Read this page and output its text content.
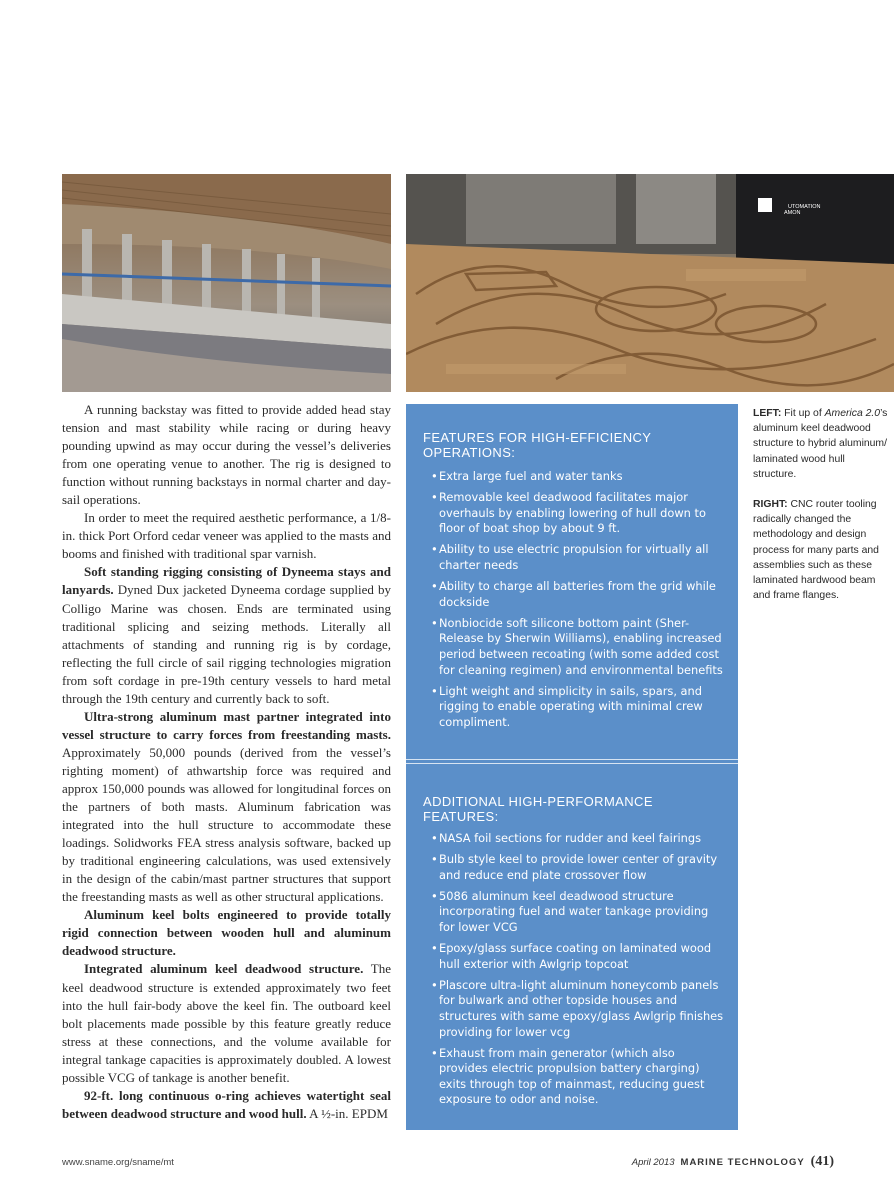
UTOMATION
AMON

A running backstay was fitted to provide added head stay tension and mast stability while racing or during heavy pounding upwind as may occur during the vessel’s deliveries from one operating venue to another. The rig is designed to function without running backstays in normal charter and day-sail operations.

In order to meet the required aesthetic performance, a 1/8-in. thick Port Orford cedar veneer was applied to the masts and booms and finished with traditional spar varnish.

Soft standing rigging consisting of Dyneema stays and lanyards. Dyned Dux jacketed Dyneema cordage supplied by Colligo Marine was chosen. Ends are terminated using traditional splicing and seizing methods. Literally all attachments of standing and running rig is by cordage, reflecting the full circle of sail rigging technologies migration from soft cordage in pre-19th century vessels to hard metal through the 19th century and currently back to soft.

Ultra-strong aluminum mast partner integrated into vessel structure to carry forces from freestanding masts. Approximately 50,000 pounds (derived from the vessel’s righting moment) of athwartship force was required and approx 150,000 pounds was allowed for longitudinal forces on the partners of both masts. Aluminum fabrication was integrated into the hull structure to accommodate these loadings. Solidworks FEA stress analysis software, backed up by traditional engineering calculations, was used extensively in the design of the cabin/mast partner structures that support the freestanding masts as well as other structural applications.

Aluminum keel bolts engineered to provide totally rigid connection between wooden hull and aluminum deadwood structure.

Integrated aluminum keel deadwood structure. The keel deadwood structure is extended approximately two feet into the hull fair-body above the keel fin. The outboard keel bolt placements made possible by this feature greatly reduce stress at these connections, and the volume available for integral tankage capacities is approximately doubled. A lowest possible VCG of tankage is another benefit.

92-ft. long continuous o-ring achieves watertight seal between deadwood structure and wood hull. A ½-in. EPDM

FEATURES FOR HIGH-EFFICIENCY OPERATIONS:
• Extra large fuel and water tanks
• Removable keel deadwood facilitates major overhauls by enabling lowering of hull down to floor of boat shop by about 9 ft.
• Ability to use electric propulsion for virtually all charter needs
• Ability to charge all batteries from the grid while dockside
• Nonbiocide soft silicone bottom paint (Sher-Release by Sherwin Williams), enabling increased period between recoating (with some added cost for cleaning regimen) and environmental benefits
• Light weight and simplicity in sails, spars, and rigging to enable operating with minimal crew compliment.
ADDITIONAL HIGH-PERFORMANCE FEATURES:
• NASA foil sections for rudder and keel fairings
• Bulb style keel to provide lower center of gravity and reduce end plate crossover flow
• 5086 aluminum keel deadwood structure incorporating fuel and water tankage providing for lower VCG
• Epoxy/glass surface coating on laminated wood hull exterior with Awlgrip topcoat
• Plascore ultra-light aluminum honeycomb panels for bulwark and other topside houses and structures with same epoxy/glass Awlgrip finishes providing for lower vcg
• Exhaust from main generator (which also provides electric propulsion battery charging) exits through top of mainmast, reducing guest exposure to odor and noise.

LEFT: Fit up of America 2.0’s aluminum keel deadwood structure to hybrid aluminum/ laminated wood hull structure.

RIGHT: CNC router tooling radically changed the methodology and design process for many parts and assemblies such as these laminated hardwood beam and frame flanges.

www.sname.org/sname/mt	April 2013 MARINE TECHNOLOGY (41)
